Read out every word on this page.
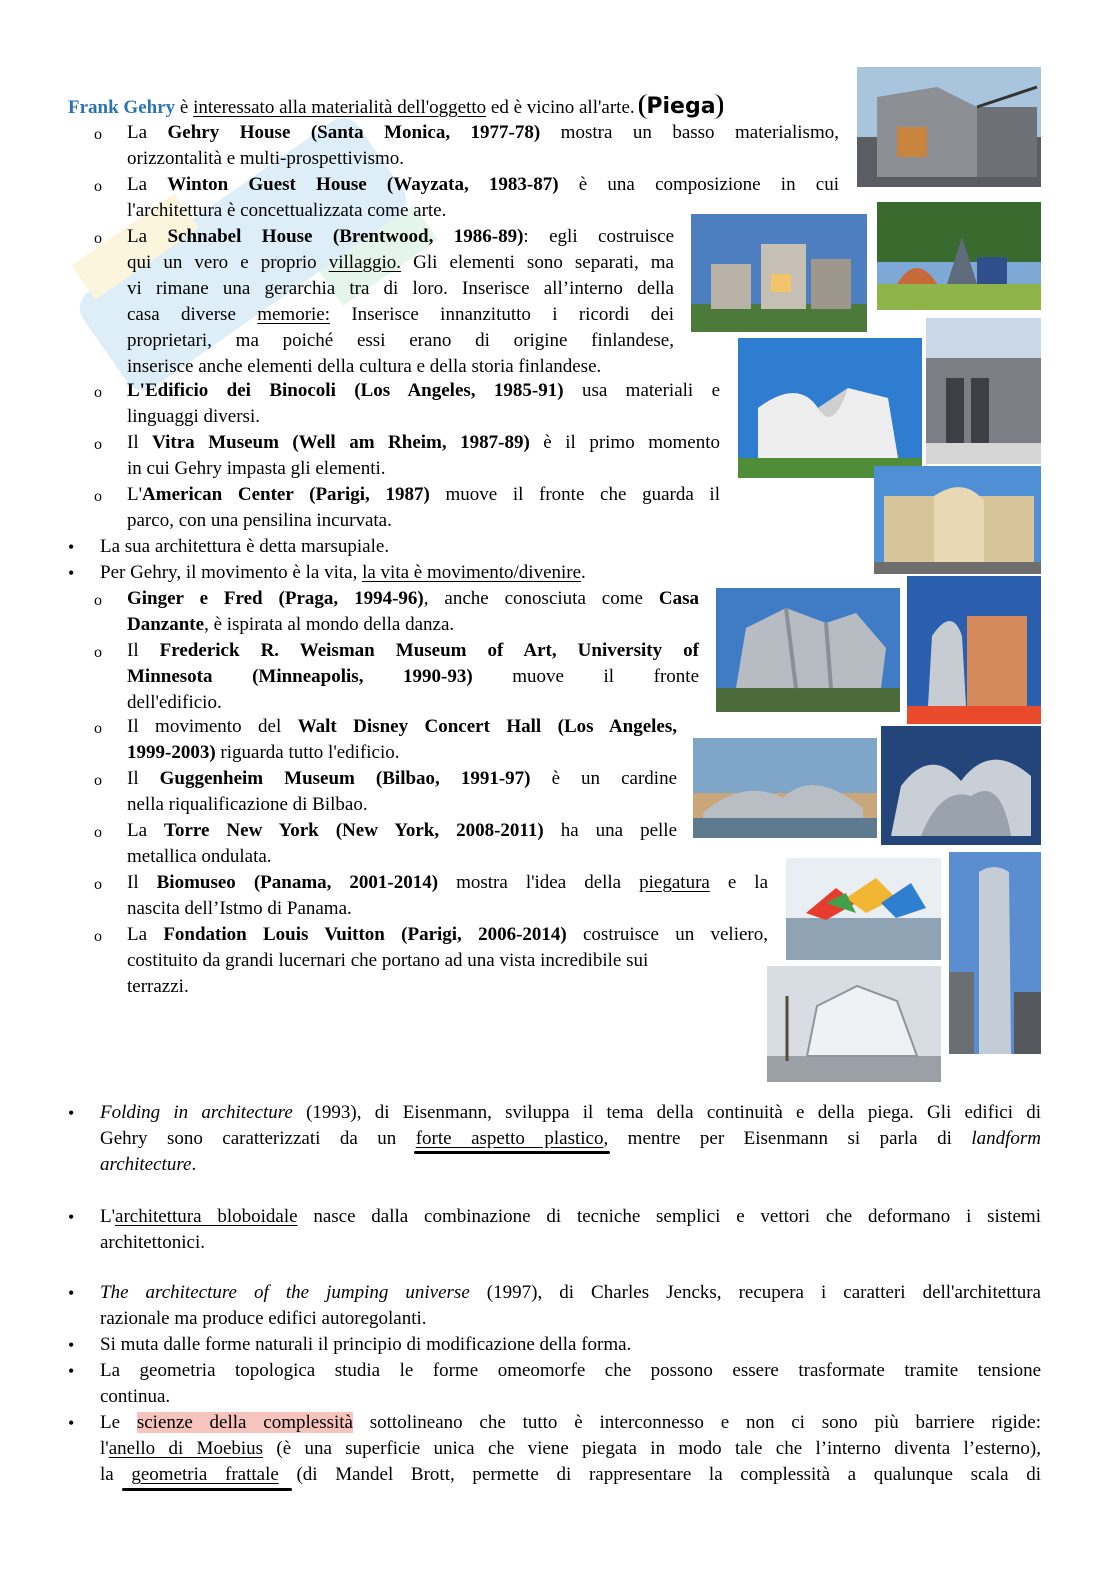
Frank Gehry è interessato alla materialità dell'oggetto ed è vicino all'arte. Piega
o La Gehry House (Santa Monica, 1977-78) mostra un basso materialismo,
orizzontalità e multi-prospettivismo.
o La Winton Guest House (Wayzata, 1983-87) è una composizione in cui
l'architettura è concettualizzata come arte.
o La Schnabel House (Brentwood, 1986-89): egli costruisce
qui un vero e proprio villaggio. Gli elementi sono separati, ma
vi rimane una gerarchia tra di loro. Inserisce all’interno della
casa diverse memorie: Inserisce innanzitutto i ricordi dei
proprietari, ma poiché essi erano di origine finlandese,
inserisce anche elementi della cultura e della storia finlandese.
o L'Edificio dei Binocoli (Los Angeles, 1985-91) usa materiali e
linguaggi diversi.
o Il Vitra Museum (Well am Rheim, 1987-89) è il primo momento
in cui Gehry impasta gli elementi.
o L'American Center (Parigi, 1987) muove il fronte che guarda il
parco, con una pensilina incurvata.
• La sua architettura è detta marsupiale.
• Per Gehry, il movimento è la vita, la vita è movimento/divenire.
o Ginger e Fred (Praga, 1994-96), anche conosciuta come Casa
Danzante, è ispirata al mondo della danza.
o Il Frederick R. Weisman Museum of Art, University of
Minnesota (Minneapolis, 1990-93) muove il fronte
dell'edificio.
o Il movimento del Walt Disney Concert Hall (Los Angeles,
1999-2003) riguarda tutto l'edificio.
o Il Guggenheim Museum (Bilbao, 1991-97) è un cardine
nella riqualificazione di Bilbao.
o La Torre New York (New York, 2008-2011) ha una pelle
metallica ondulata.
o Il Biomuseo (Panama, 2001-2014) mostra l'idea della piegatura e la
nascita dell’Istmo di Panama.
o La Fondation Louis Vuitton (Parigi, 2006-2014) costruisce un veliero,
costituito da grandi lucernari che portano ad una vista incredibile sui
terrazzi.
• Folding in architecture (1993), di Eisenmann, sviluppa il tema della continuità e della piega. Gli edifici di
Gehry sono caratterizzati da un forte aspetto plastico, mentre per Eisenmann si parla di landform
architecture.
• L'architettura bloboidale nasce dalla combinazione di tecniche semplici e vettori che deformano i sistemi
architettonici.
• The architecture of the jumping universe (1997), di Charles Jencks, recupera i caratteri dell'architettura
razionale ma produce edifici autoregolanti.
• Si muta dalle forme naturali il principio di modificazione della forma.
• La geometria topologica studia le forme omeomorfe che possono essere trasformate tramite tensione
continua.
• Le scienze della complessità sottolineano che tutto è interconnesso e non ci sono più barriere rigide:
l'anello di Moebius (è una superficie unica che viene piegata in modo tale che l’interno diventa l’esterno),
la geometria frattale (di Mandel Brott, permette di rappresentare la complessità a qualunque scala di
